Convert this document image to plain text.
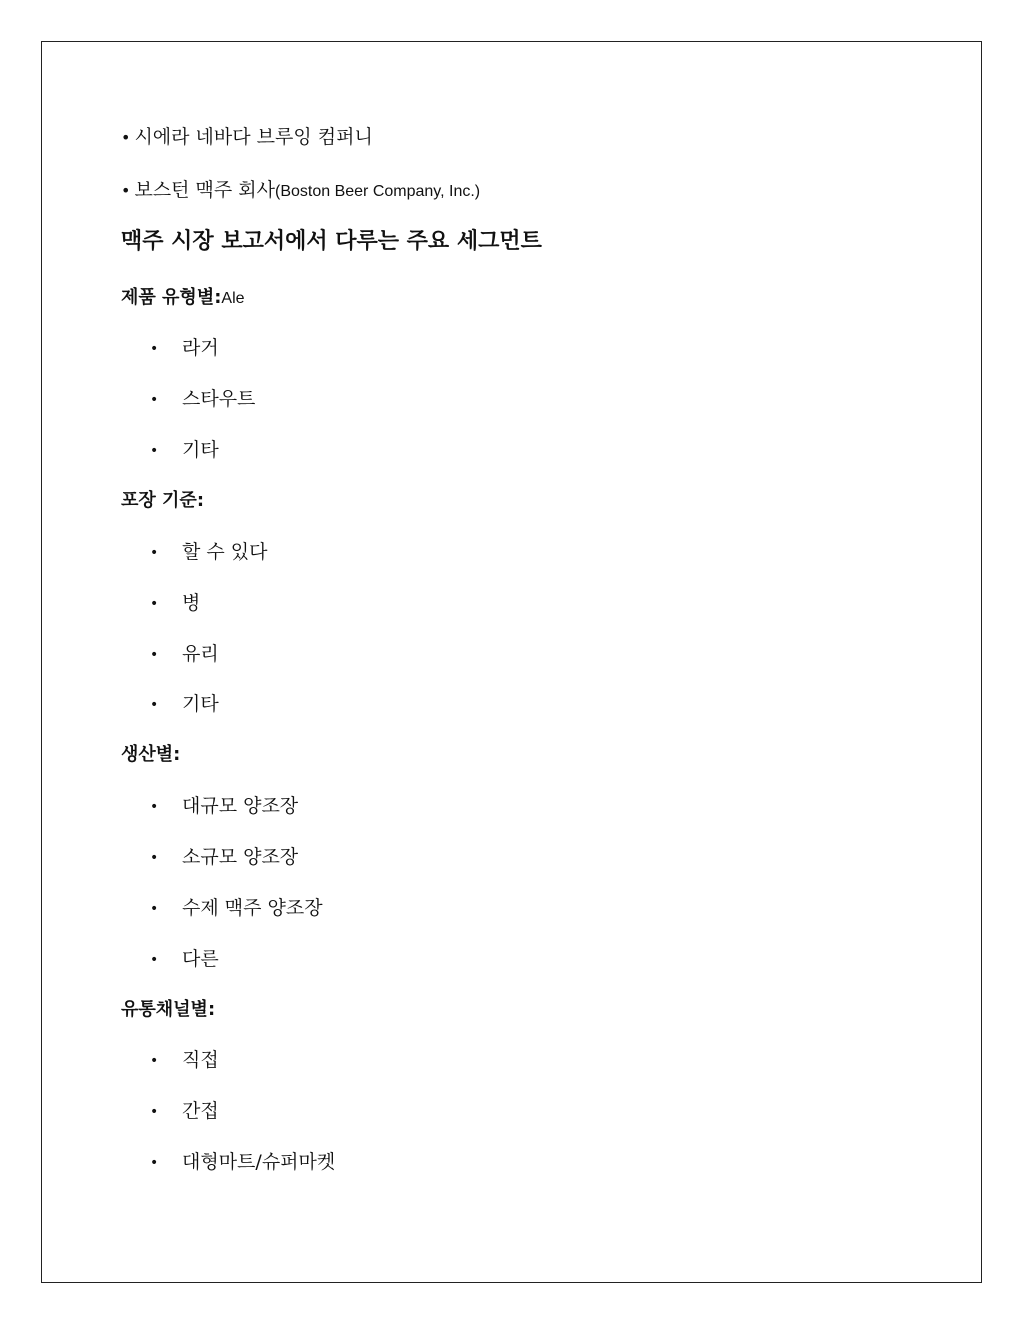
• 시에라 네바다 브루잉 컴퍼니
• 보스턴 맥주 회사(Boston Beer Company, Inc.)
맥주 시장 보고서에서 다루는 주요 세그먼트
제품 유형별:Ale
• 라거
• 스타우트
• 기타
포장 기준:
• 할 수 있다
• 병
• 유리
• 기타
생산별:
• 대규모 양조장
• 소규모 양조장
• 수제 맥주 양조장
• 다른
유통채널별:
• 직접
• 간접
• 대형마트/슈퍼마켓
